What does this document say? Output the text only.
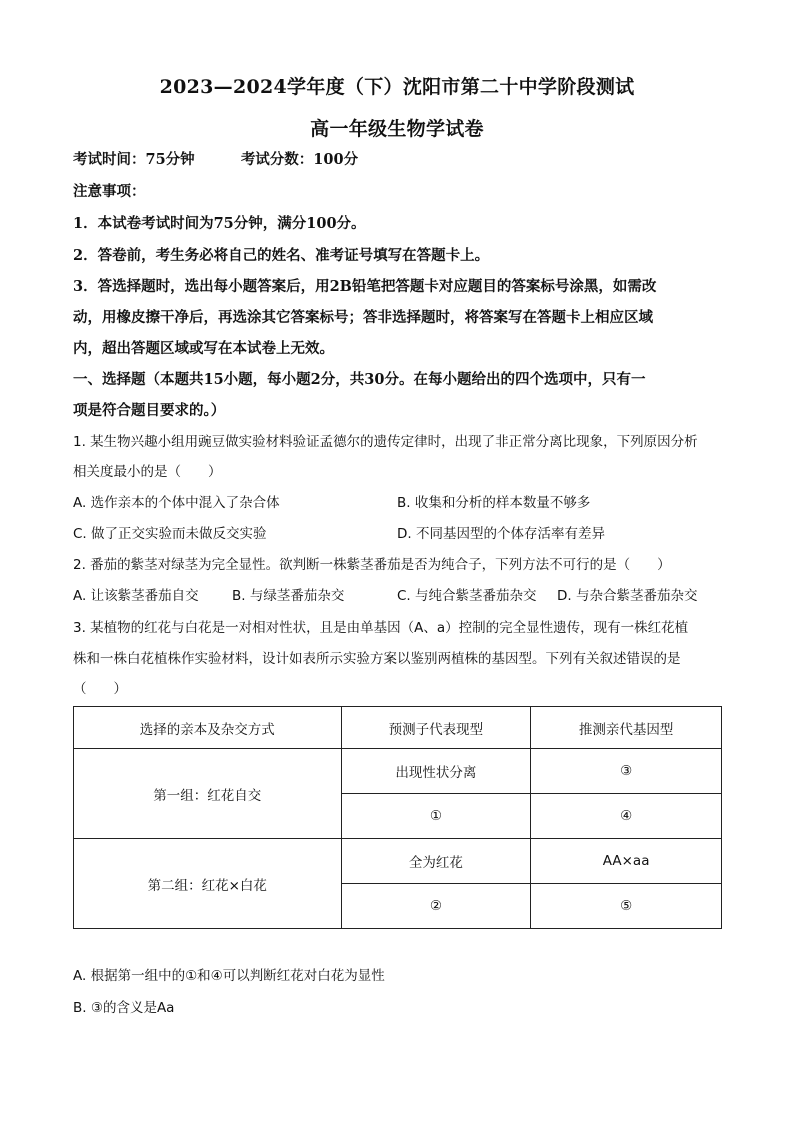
2023—2024学年度（下）沈阳市第二十中学阶段测试
高一年级生物学试卷
考试时间：75分钟	考试分数：100分
注意事项：
1．本试卷考试时间为75分钟，满分100分。
2．答卷前，考生务必将自己的姓名、准考证号填写在答题卡上。
3．答选择题时，选出每小题答案后，用2B铅笔把答题卡对应题目的答案标号涂黑，如需改
动，用橡皮擦干净后，再选涂其它答案标号；答非选择题时，将答案写在答题卡上相应区域
内，超出答题区域或写在本试卷上无效。
一、选择题（本题共15小题，每小题2分，共30分。在每小题给出的四个选项中，只有一
项是符合题目要求的。）
1. 某生物兴趣小组用豌豆做实验材料验证孟德尔的遗传定律时，出现了非正常分离比现象，下列原因分析
相关度最小的是（　　）
A. 选作亲本的个体中混入了杂合体	B. 收集和分析的样本数量不够多
C. 做了正交实验而未做反交实验	D. 不同基因型的个体存活率有差异
2. 番茄的紫茎对绿茎为完全显性。欲判断一株紫茎番茄是否为纯合子，下列方法不可行的是（　　）
A. 让该紫茎番茄自交 B. 与绿茎番茄杂交	C. 与纯合紫茎番茄杂交 D. 与杂合紫茎番茄杂交
3. 某植物的红花与白花是一对相对性状，且是由单基因（A、a）控制的完全显性遗传，现有一株红花植
株和一株白花植株作实验材料，设计如表所示实验方案以鉴别两植株的基因型。下列有关叙述错误的是
（　　）
选择的亲本及杂交方式	预测子代表现型	推测亲代基因型
第一组：红花自交	出现性状分离	③
	①	④
第二组：红花×白花	全为红花	AA×aa
	②	⑤
A. 根据第一组中的①和④可以判断红花对白花为显性
B. ③的含义是Aa
